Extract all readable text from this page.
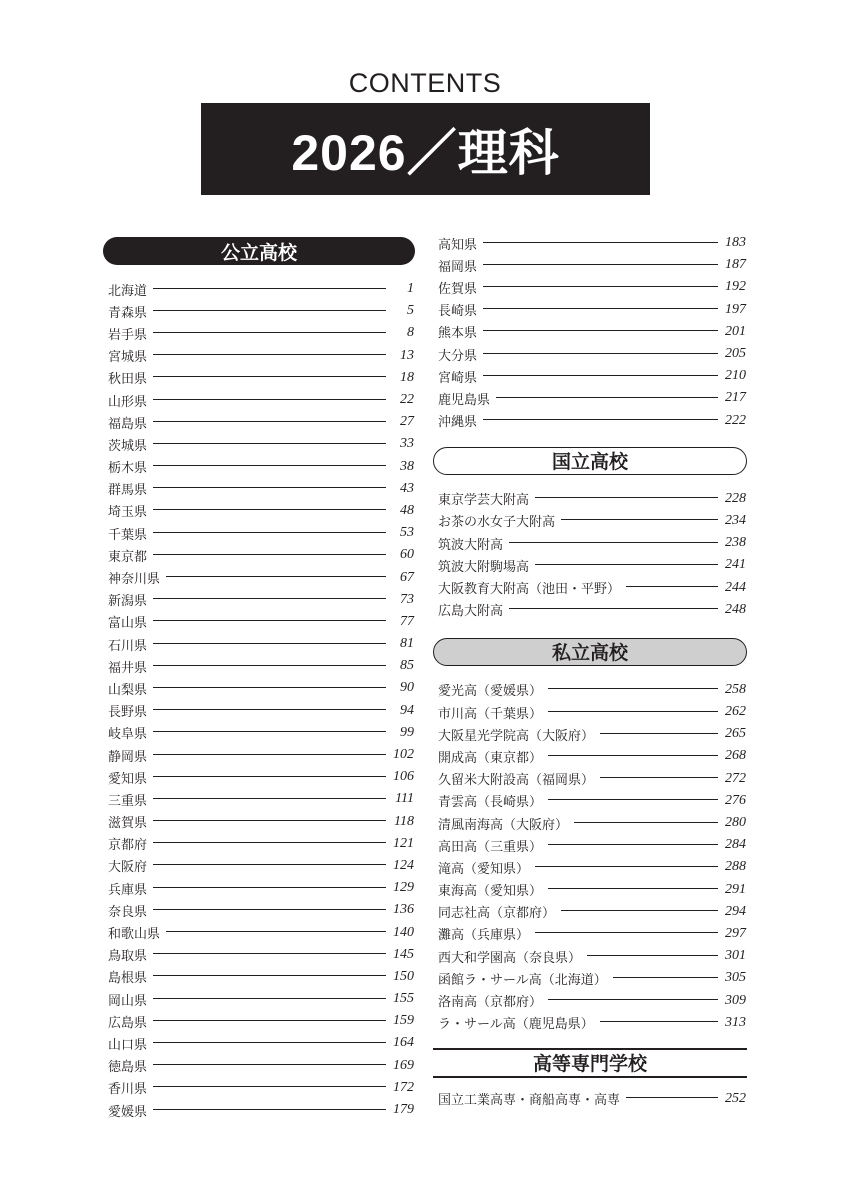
CONTENTS
2026／理科
公立高校
北海道	1
青森県	5
岩手県	8
宮城県	13
秋田県	18
山形県	22
福島県	27
茨城県	33
栃木県	38
群馬県	43
埼玉県	48
千葉県	53
東京都	60
神奈川県	67
新潟県	73
富山県	77
石川県	81
福井県	85
山梨県	90
長野県	94
岐阜県	99
静岡県	102
愛知県	106
三重県	111
滋賀県	118
京都府	121
大阪府	124
兵庫県	129
奈良県	136
和歌山県	140
鳥取県	145
島根県	150
岡山県	155
広島県	159
山口県	164
徳島県	169
香川県	172
愛媛県	179
高知県	183
福岡県	187
佐賀県	192
長崎県	197
熊本県	201
大分県	205
宮崎県	210
鹿児島県	217
沖縄県	222
国立高校
東京学芸大附高	228
お茶の水女子大附高	234
筑波大附高	238
筑波大附駒場高	241
大阪教育大附高（池田・平野）	244
広島大附高	248
私立高校
愛光高（愛媛県）	258
市川高（千葉県）	262
大阪星光学院高（大阪府）	265
開成高（東京都）	268
久留米大附設高（福岡県）	272
青雲高（長崎県）	276
清風南海高（大阪府）	280
高田高（三重県）	284
滝高（愛知県）	288
東海高（愛知県）	291
同志社高（京都府）	294
灘高（兵庫県）	297
西大和学園高（奈良県）	301
函館ラ・サール高（北海道）	305
洛南高（京都府）	309
ラ・サール高（鹿児島県）	313
高等専門学校
国立工業高専・商船高専・高専	252
